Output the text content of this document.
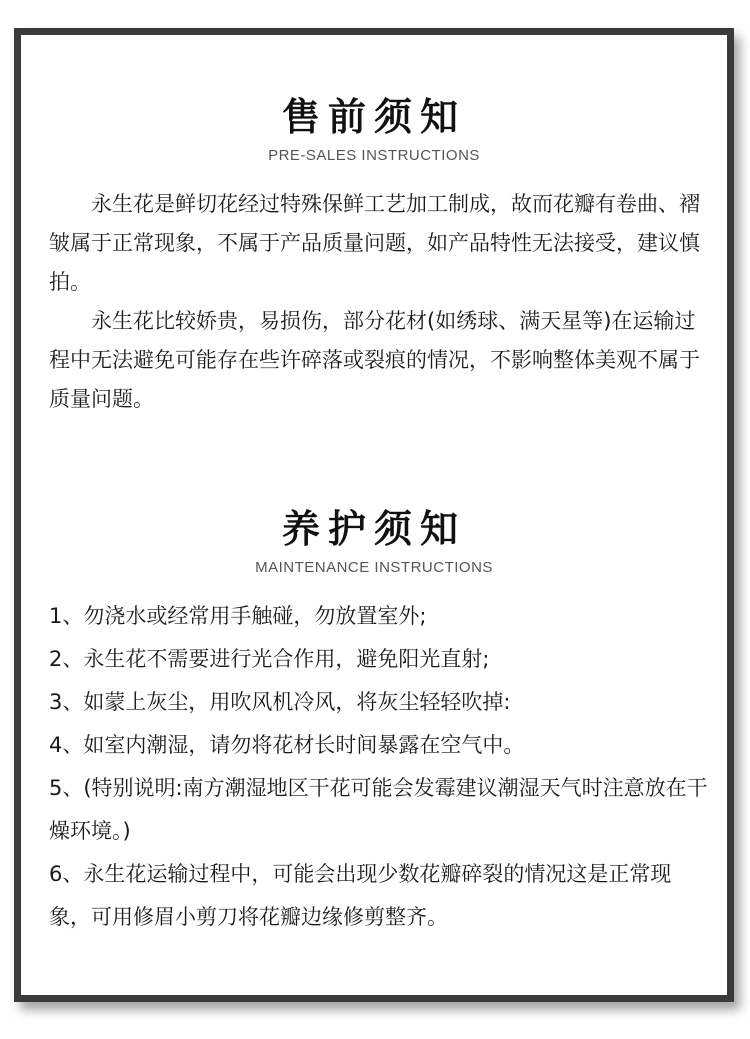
售前须知
PRE-SALES INSTRUCTIONS

永生花是鲜切花经过特殊保鲜工艺加工制成，故而花瓣有卷曲、褶皱属于正常现象，不属于产品质量问题，如产品特性无法接受，建议慎拍。

永生花比较娇贵，易损伤，部分花材(如绣球、满天星等)在运输过程中无法避免可能存在些许碎落或裂痕的情况，不影响整体美观不属于质量问题。

养护须知
MAINTENANCE INSTRUCTIONS

1、勿浇水或经常用手触碰，勿放置室外;

2、永生花不需要进行光合作用，避免阳光直射;

3、如蒙上灰尘，用吹风机冷风，将灰尘轻轻吹掉:

4、如室内潮湿，请勿将花材长时间暴露在空气中。

5、(特别说明:南方潮湿地区干花可能会发霉建议潮湿天气时注意放在干燥环境。)

6、永生花运输过程中，可能会出现少数花瓣碎裂的情况这是正常现象，可用修眉小剪刀将花瓣边缘修剪整齐。
